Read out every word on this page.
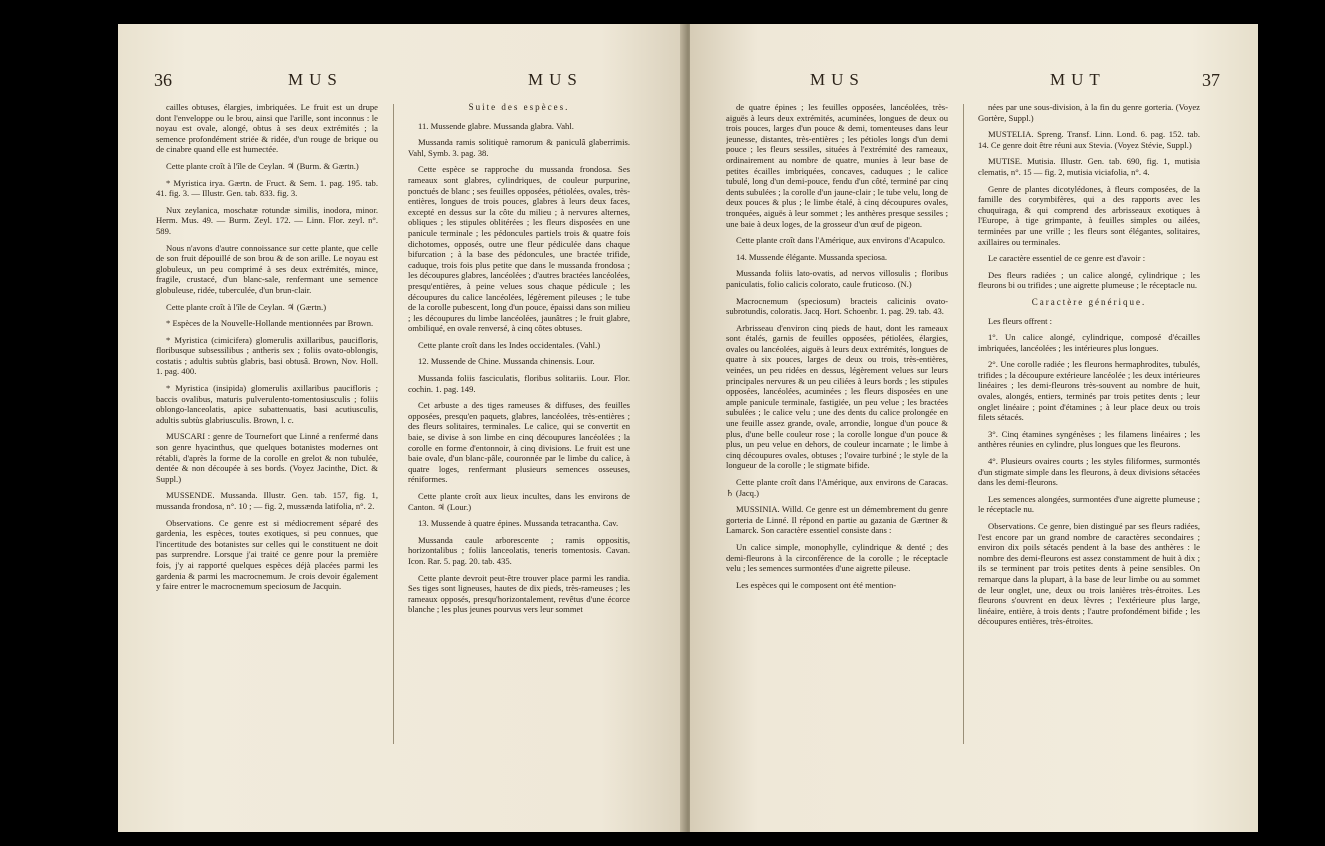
36	MUS	MUS

cailles obtuses, élargies, imbriquées. Le fruit est un drupe dont l'enveloppe ou le brou, ainsi que l'arille, sont inconnus : le noyau est ovale, alongé, obtus à ses deux extrémités ; la semence profondément striée & ridée, d'un rouge de brique ou de cinabre quand elle est humectée.

Cette plante croît à l'île de Ceylan. ♃ (Burm. & Gærtn.)

* Myristica irya. Gærtn. de Fruct. & Sem. 1. pag. 195. tab. 41. fig. 3. — Illustr. Gen. tab. 833. fig. 3.

Nux zeylanica, moschatæ rotundæ similis, inodora, minor. Herm. Mus. 49. — Burm. Zeyl. 172. — Linn. Flor. zeyl. n°. 589.

Nous n'avons d'autre connoissance sur cette plante, que celle de son fruit dépouillé de son brou & de son arille. Le noyau est globuleux, un peu comprimé à ses deux extrémités, mince, fragile, crustacé, d'un blanc-sale, renfermant une semence globuleuse, ridée, tuberculée, d'un brun-clair.

Cette plante croît à l'île de Ceylan. ♃ (Gærtn.)

* Espèces de la Nouvelle-Hollande mentionnées par Brown.

* Myristica (cimicifera) glomerulis axillaribus, paucifloris, floribusque subsessilibus ; antheris sex ; foliis ovato-oblongis, costatis ; adultis subtùs glabris, basi obtusâ. Brown, Nov. Holl. 1. pag. 400.

* Myristica (insipida) glomerulis axillaribus paucifloris ; baccis ovalibus, maturis pulverulento-tomentosiusculis ; foliis oblongo-lanceolatis, apice subattenuatis, basi acutiusculis, adultis subtùs glabriusculis. Brown, l. c.

MUSCARI : genre de Tournefort que Linné a renfermé dans son genre hyacinthus, que quelques botanistes modernes ont rétabli, d'après la forme de la corolle en grelot & non tubulée, dentée & non découpée à ses bords. (Voyez Jacinthe, Dict. & Suppl.)

MUSSENDE. Mussanda. Illustr. Gen. tab. 157, fig. 1, mussanda frondosa, n°. 10 ; — fig. 2, mussænda latifolia, n°. 2.

Observations. Ce genre est si médiocrement séparé des gardenia, les espèces, toutes exotiques, si peu connues, que l'incertitude des botanistes sur celles qui le constituent ne doit pas surprendre. Lorsque j'ai traité ce genre pour la première fois, j'y ai rapporté quelques espèces déjà placées parmi les gardenia & parmi les macrocnemum. Je crois devoir également y faire entrer le macrocnemum speciosum de Jacquin.

Suite des espèces.

11. Mussende glabre. Mussanda glabra. Vahl.

Mussanda ramis solitiquè ramorum & paniculâ glaberrimis. Vahl, Symb. 3. pag. 38.

Cette espèce se rapproche du mussanda frondosa. Ses rameaux sont glabres, cylindriques, de couleur purpurine, ponctués de blanc ; ses feuilles opposées, pétiolées, ovales, très-entières, longues de trois pouces, glabres à leurs deux faces, excepté en dessus sur la côte du milieu ; à nervures alternes, obliques ; les stipules oblitérées ; les fleurs disposées en une panicule terminale ; les pédoncules partiels trois & quatre fois dichotomes, opposés, outre une fleur pédiculée dans chaque bifurcation ; à la base des pédoncules, une bractée trifide, caduque, trois fois plus petite que dans le mussanda frondosa ; les découpures glabres, lancéolées ; d'autres bractées lancéolées, presqu'entières, à peine velues sous chaque pédicule ; les découpures du calice lancéolées, légèrement pileuses ; le tube de la corolle pubescent, long d'un pouce, épaissi dans son milieu ; les découpures du limbe lancéolées, jaunâtres ; le fruit glabre, ombiliqué, en ovale renversé, à cinq côtes obtuses.

Cette plante croît dans les Indes occidentales. (Vahl.)

12. Mussende de Chine. Mussanda chinensis. Lour.

Mussanda foliis fasciculatis, floribus solitariis. Lour. Flor. cochin. 1. pag. 149.

Cet arbuste a des tiges rameuses & diffuses, des feuilles opposées, presqu'en paquets, glabres, lancéolées, très-entières ; des fleurs solitaires, terminales. Le calice, qui se convertit en baie, se divise à son limbe en cinq découpures lancéolées ; la corolle en forme d'entonnoir, à cinq divisions. Le fruit est une baie ovale, d'un blanc-pâle, couronnée par le limbe du calice, à quatre loges, renfermant plusieurs semences osseuses, réniformes.

Cette plante croît aux lieux incultes, dans les environs de Canton. ♃ (Lour.)

13. Mussende à quatre épines. Mussanda tetracantha. Cav.

Mussanda caule arborescente ; ramis oppositis, horizontalibus ; foliis lanceolatis, teneris tomentosis. Cavan. Icon. Rar. 5. pag. 20. tab. 435.

Cette plante devroit peut-être trouver place parmi les randia. Ses tiges sont ligneuses, hautes de dix pieds, très-rameuses ; les rameaux opposés, presqu'horizontalement, revêtus d'une écorce blanche ; les plus jeunes pourvus vers leur sommet

MUS	MUT	37

de quatre épines ; les feuilles opposées, lancéolées, très-aiguës à leurs deux extrémités, acuminées, longues de deux ou trois pouces, larges d'un pouce & demi, tomenteuses dans leur jeunesse, distantes, très-entières ; les pétioles longs d'un demi pouce ; les fleurs sessiles, situées à l'extrémité des rameaux, ordinairement au nombre de quatre, munies à leur base de petites écailles imbriquées, concaves, caduques ; le calice tubulé, long d'un demi-pouce, fendu d'un côté, terminé par cinq dents subulées ; la corolle d'un jaune-clair ; le tube velu, long de deux pouces & plus ; le limbe étalé, à cinq découpures ovales, tronquées, aiguës à leur sommet ; les anthères presque sessiles ; une baie à deux loges, de la grosseur d'un œuf de pigeon.

Cette plante croît dans l'Amérique, aux environs d'Acapulco.

14. Mussende élégante. Mussanda speciosa.

Mussanda foliis lato-ovatis, ad nervos villosulis ; floribus paniculatis, folio calicis colorato, caule fruticoso. (N.)

Macrocnemum (speciosum) bracteis calicinis ovato-subrotundis, coloratis. Jacq. Hort. Schoenbr. 1. pag. 29. tab. 43.

Arbrisseau d'environ cinq pieds de haut, dont les rameaux sont étalés, garnis de feuilles opposées, pétiolées, élargies, ovales ou lancéolées, aiguës à leurs deux extrémités, longues de quatre à six pouces, larges de deux ou trois, très-entières, veinées, un peu ridées en dessus, légèrement velues sur leurs principales nervures & un peu ciliées à leurs bords ; les stipules opposées, lancéolées, acuminées ; les fleurs disposées en une ample panicule terminale, fastigiée, un peu velue ; les bractées subulées ; le calice velu ; une des dents du calice prolongée en une feuille assez grande, ovale, arrondie, longue d'un pouce & plus, d'une belle couleur rose ; la corolle longue d'un pouce & plus, un peu velue en dehors, de couleur incarnate ; le limbe à cinq découpures ovales, obtuses ; l'ovaire turbiné ; le style de la longueur de la corolle ; le stigmate bifide.

Cette plante croît dans l'Amérique, aux environs de Caracas. ♄ (Jacq.)

MUSSINIA. Willd. Ce genre est un démembrement du genre gorteria de Linné. Il répond en partie au gazania de Gærtner & Lamarck. Son caractère essentiel consiste dans :

Un calice simple, monophylle, cylindrique & denté ; des demi-fleurons à la circonférence de la corolle ; le réceptacle velu ; les semences surmontées d'une aigrette pileuse.

Les espèces qui le composent ont été mention-

nées par une sous-division, à la fin du genre gorteria. (Voyez Gortère, Suppl.)

MUSTELIA. Spreng. Transf. Linn. Lond. 6. pag. 152. tab. 14. Ce genre doit être réuni aux Stevia. (Voyez Stévie, Suppl.)

MUTISE. Mutisia. Illustr. Gen. tab. 690, fig. 1, mutisia clematis, n°. 15 — fig. 2, mutisia viciafolia, n°. 4.

Genre de plantes dicotylédones, à fleurs composées, de la famille des corymbifères, qui a des rapports avec les chuquiraga, & qui comprend des arbrisseaux exotiques à l'Europe, à tige grimpante, à feuilles simples ou ailées, terminées par une vrille ; les fleurs sont élégantes, solitaires, axillaires ou terminales.

Le caractère essentiel de ce genre est d'avoir :

Des fleurs radiées ; un calice alongé, cylindrique ; les fleurons bi ou trifides ; une aigrette plumeuse ; le réceptacle nu.

Caractère générique.

Les fleurs offrent :

1°. Un calice alongé, cylindrique, composé d'écailles imbriquées, lancéolées ; les intérieures plus longues.

2°. Une corolle radiée ; les fleurons hermaphrodites, tubulés, trifides ; la découpure extérieure lancéolée ; les deux intérieures linéaires ; les demi-fleurons très-souvent au nombre de huit, ovales, alongés, entiers, terminés par trois petites dents ; leur onglet linéaire ; point d'étamines ; à leur place deux ou trois filets sétacés.

3°. Cinq étamines syngénèses ; les filamens linéaires ; les anthères réunies en cylindre, plus longues que les fleurons.

4°. Plusieurs ovaires courts ; les styles filiformes, surmontés d'un stigmate simple dans les fleurons, à deux divisions sétacées dans les demi-fleurons.

Les semences alongées, surmontées d'une aigrette plumeuse ; le réceptacle nu.

Observations. Ce genre, bien distingué par ses fleurs radiées, l'est encore par un grand nombre de caractères secondaires ; environ dix poils sétacés pendent à la base des anthères : le nombre des demi-fleurons est assez constamment de huit à dix ; ils se terminent par trois petites dents à peine sensibles. On remarque dans la plupart, à la base de leur limbe ou au sommet de leur onglet, une, deux ou trois lanières très-étroites. Les fleurons s'ouvrent en deux lèvres ; l'extérieure plus large, linéaire, entière, à trois dents ; l'autre profondément bifide ; les découpures entières, très-étroites.
